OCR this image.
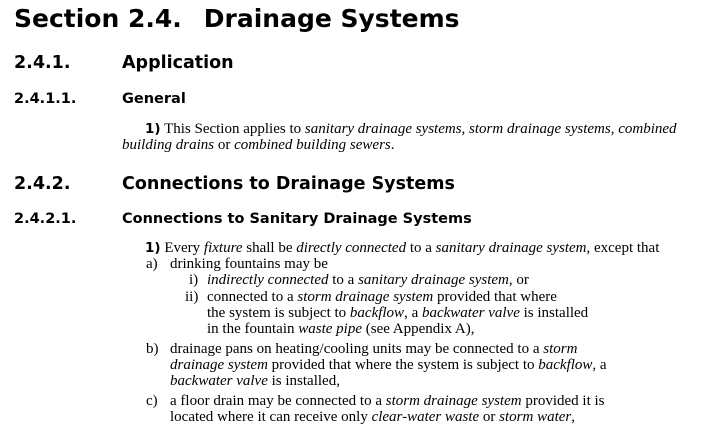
Section 2.4. Drainage Systems
2.4.1.	Application
2.4.1.1.	General
1) This Section applies to sanitary drainage systems, storm drainage systems, combined
building drains or combined building sewers.
2.4.2.	Connections to Drainage Systems
2.4.2.1.	Connections to Sanitary Drainage Systems
1) Every fixture shall be directly connected to a sanitary drainage system, except that
a) drinking fountains may be
i) indirectly connected to a sanitary drainage system, or
ii) connected to a storm drainage system provided that where
the system is subject to backflow, a backwater valve is installed
in the fountain waste pipe (see Appendix A),
b) drainage pans on heating/cooling units may be connected to a storm
drainage system provided that where the system is subject to backflow, a
backwater valve is installed,
c) a floor drain may be connected to a storm drainage system provided it is
located where it can receive only clear-water waste or storm water,
